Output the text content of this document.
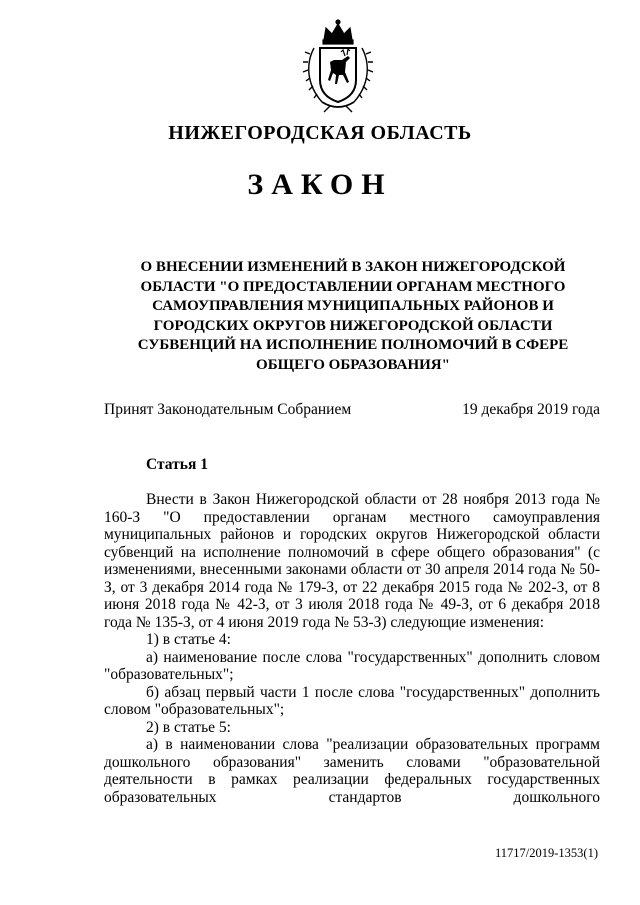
НИЖЕГОРОДСКАЯ ОБЛАСТЬ
ЗАКОН
О ВНЕСЕНИИ ИЗМЕНЕНИЙ В ЗАКОН НИЖЕГОРОДСКОЙ
ОБЛАСТИ "О ПРЕДОСТАВЛЕНИИ ОРГАНАМ МЕСТНОГО
САМОУПРАВЛЕНИЯ МУНИЦИПАЛЬНЫХ РАЙОНОВ И
ГОРОДСКИХ ОКРУГОВ НИЖЕГОРОДСКОЙ ОБЛАСТИ
СУБВЕНЦИЙ НА ИСПОЛНЕНИЕ ПОЛНОМОЧИЙ В СФЕРЕ
ОБЩЕГО ОБРАЗОВАНИЯ"
Принят Законодательным Собранием	19 декабря 2019 года
Статья 1

Внести в Закон Нижегородской области от 28 ноября 2013 года № 160-З "О предоставлении органам местного самоуправления муниципальных районов и городских округов Нижегородской области субвенций на исполнение полномочий в сфере общего образования" (с изменениями, внесенными законами области от 30 апреля 2014 года № 50-З, от 3 декабря 2014 года № 179-З, от 22 декабря 2015 года № 202-З, от 8 июня 2018 года № 42-З, от 3 июля 2018 года № 49-З, от 6 декабря 2018 года № 135-З, от 4 июня 2019 года № 53-З) следующие изменения:

1) в статье 4:

а) наименование после слова "государственных" дополнить словом "образовательных";

б) абзац первый части 1 после слова "государственных" дополнить словом "образовательных";

2) в статье 5:

а) в наименовании слова "реализации образовательных программ дошкольного образования" заменить словами "образовательной деятельности в рамках реализации федеральных государственных образовательных стандартов дошкольного

11717/2019-1353(1)
